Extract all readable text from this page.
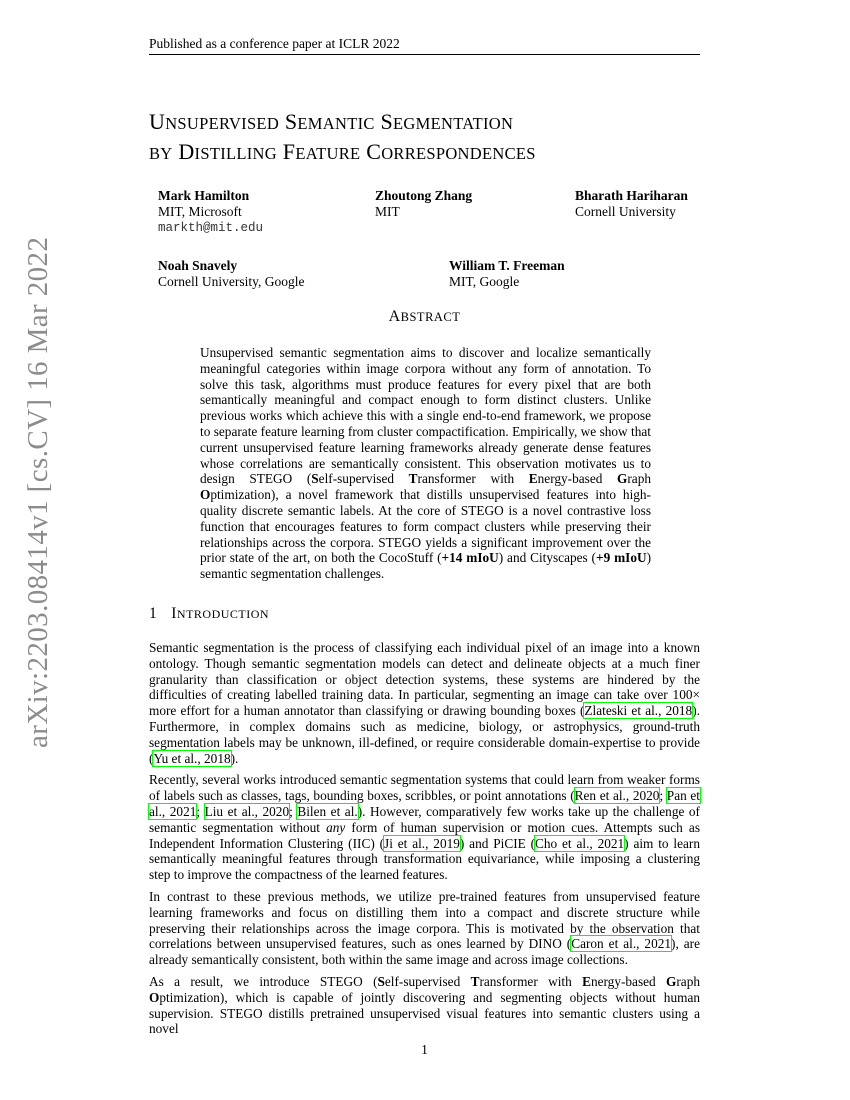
Published as a conference paper at ICLR 2022
UNSUPERVISED SEMANTIC SEGMENTATION
BY DISTILLING FEATURE CORRESPONDENCES
Mark Hamilton
MIT, Microsoft
markth@mit.edu
Zhoutong Zhang
MIT
Bharath Hariharan
Cornell University
Noah Snavely
Cornell University, Google
William T. Freeman
MIT, Google
arXiv:2203.08414v1 [cs.CV] 16 Mar 2022	ABSTRACT

Unsupervised semantic segmentation aims to discover and localize semantically meaningful categories within image corpora without any form of annotation. To solve this task, algorithms must produce features for every pixel that are both semantically meaningful and compact enough to form distinct clusters. Unlike previous works which achieve this with a single end-to-end framework, we propose to separate feature learning from cluster compactification. Empirically, we show that current unsupervised feature learning frameworks already generate dense features whose correlations are semantically consistent. This observation motivates us to design STEGO (Self-supervised Transformer with Energy-based Graph Optimization), a novel framework that distills unsupervised features into high-quality discrete semantic labels. At the core of STEGO is a novel contrastive loss function that encourages features to form compact clusters while preserving their relationships across the corpora. STEGO yields a significant improvement over the prior state of the art, on both the CocoStuff (+14 mIoU) and Cityscapes (+9 mIoU) semantic segmentation challenges.

1 INTRODUCTION

Semantic segmentation is the process of classifying each individual pixel of an image into a known ontology. Though semantic segmentation models can detect and delineate objects at a much finer granularity than classification or object detection systems, these systems are hindered by the difficulties of creating labelled training data. In particular, segmenting an image can take over 100× more effort for a human annotator than classifying or drawing bounding boxes (Zlateski et al., 2018). Furthermore, in complex domains such as medicine, biology, or astrophysics, ground-truth segmentation labels may be unknown, ill-defined, or require considerable domain-expertise to provide (Yu et al., 2018).

Recently, several works introduced semantic segmentation systems that could learn from weaker forms of labels such as classes, tags, bounding boxes, scribbles, or point annotations (Ren et al., 2020; Pan et al., 2021; Liu et al., 2020; Bilen et al.). However, comparatively few works take up the challenge of semantic segmentation without any form of human supervision or motion cues. Attempts such as Independent Information Clustering (IIC) (Ji et al., 2019) and PiCIE (Cho et al., 2021) aim to learn semantically meaningful features through transformation equivariance, while imposing a clustering step to improve the compactness of the learned features.

In contrast to these previous methods, we utilize pre-trained features from unsupervised feature learning frameworks and focus on distilling them into a compact and discrete structure while preserving their relationships across the image corpora. This is motivated by the observation that correlations between unsupervised features, such as ones learned by DINO (Caron et al., 2021), are already semantically consistent, both within the same image and across image collections.

As a result, we introduce STEGO (Self-supervised Transformer with Energy-based Graph Optimization), which is capable of jointly discovering and segmenting objects without human supervision. STEGO distills pretrained unsupervised visual features into semantic clusters using a novel

1
